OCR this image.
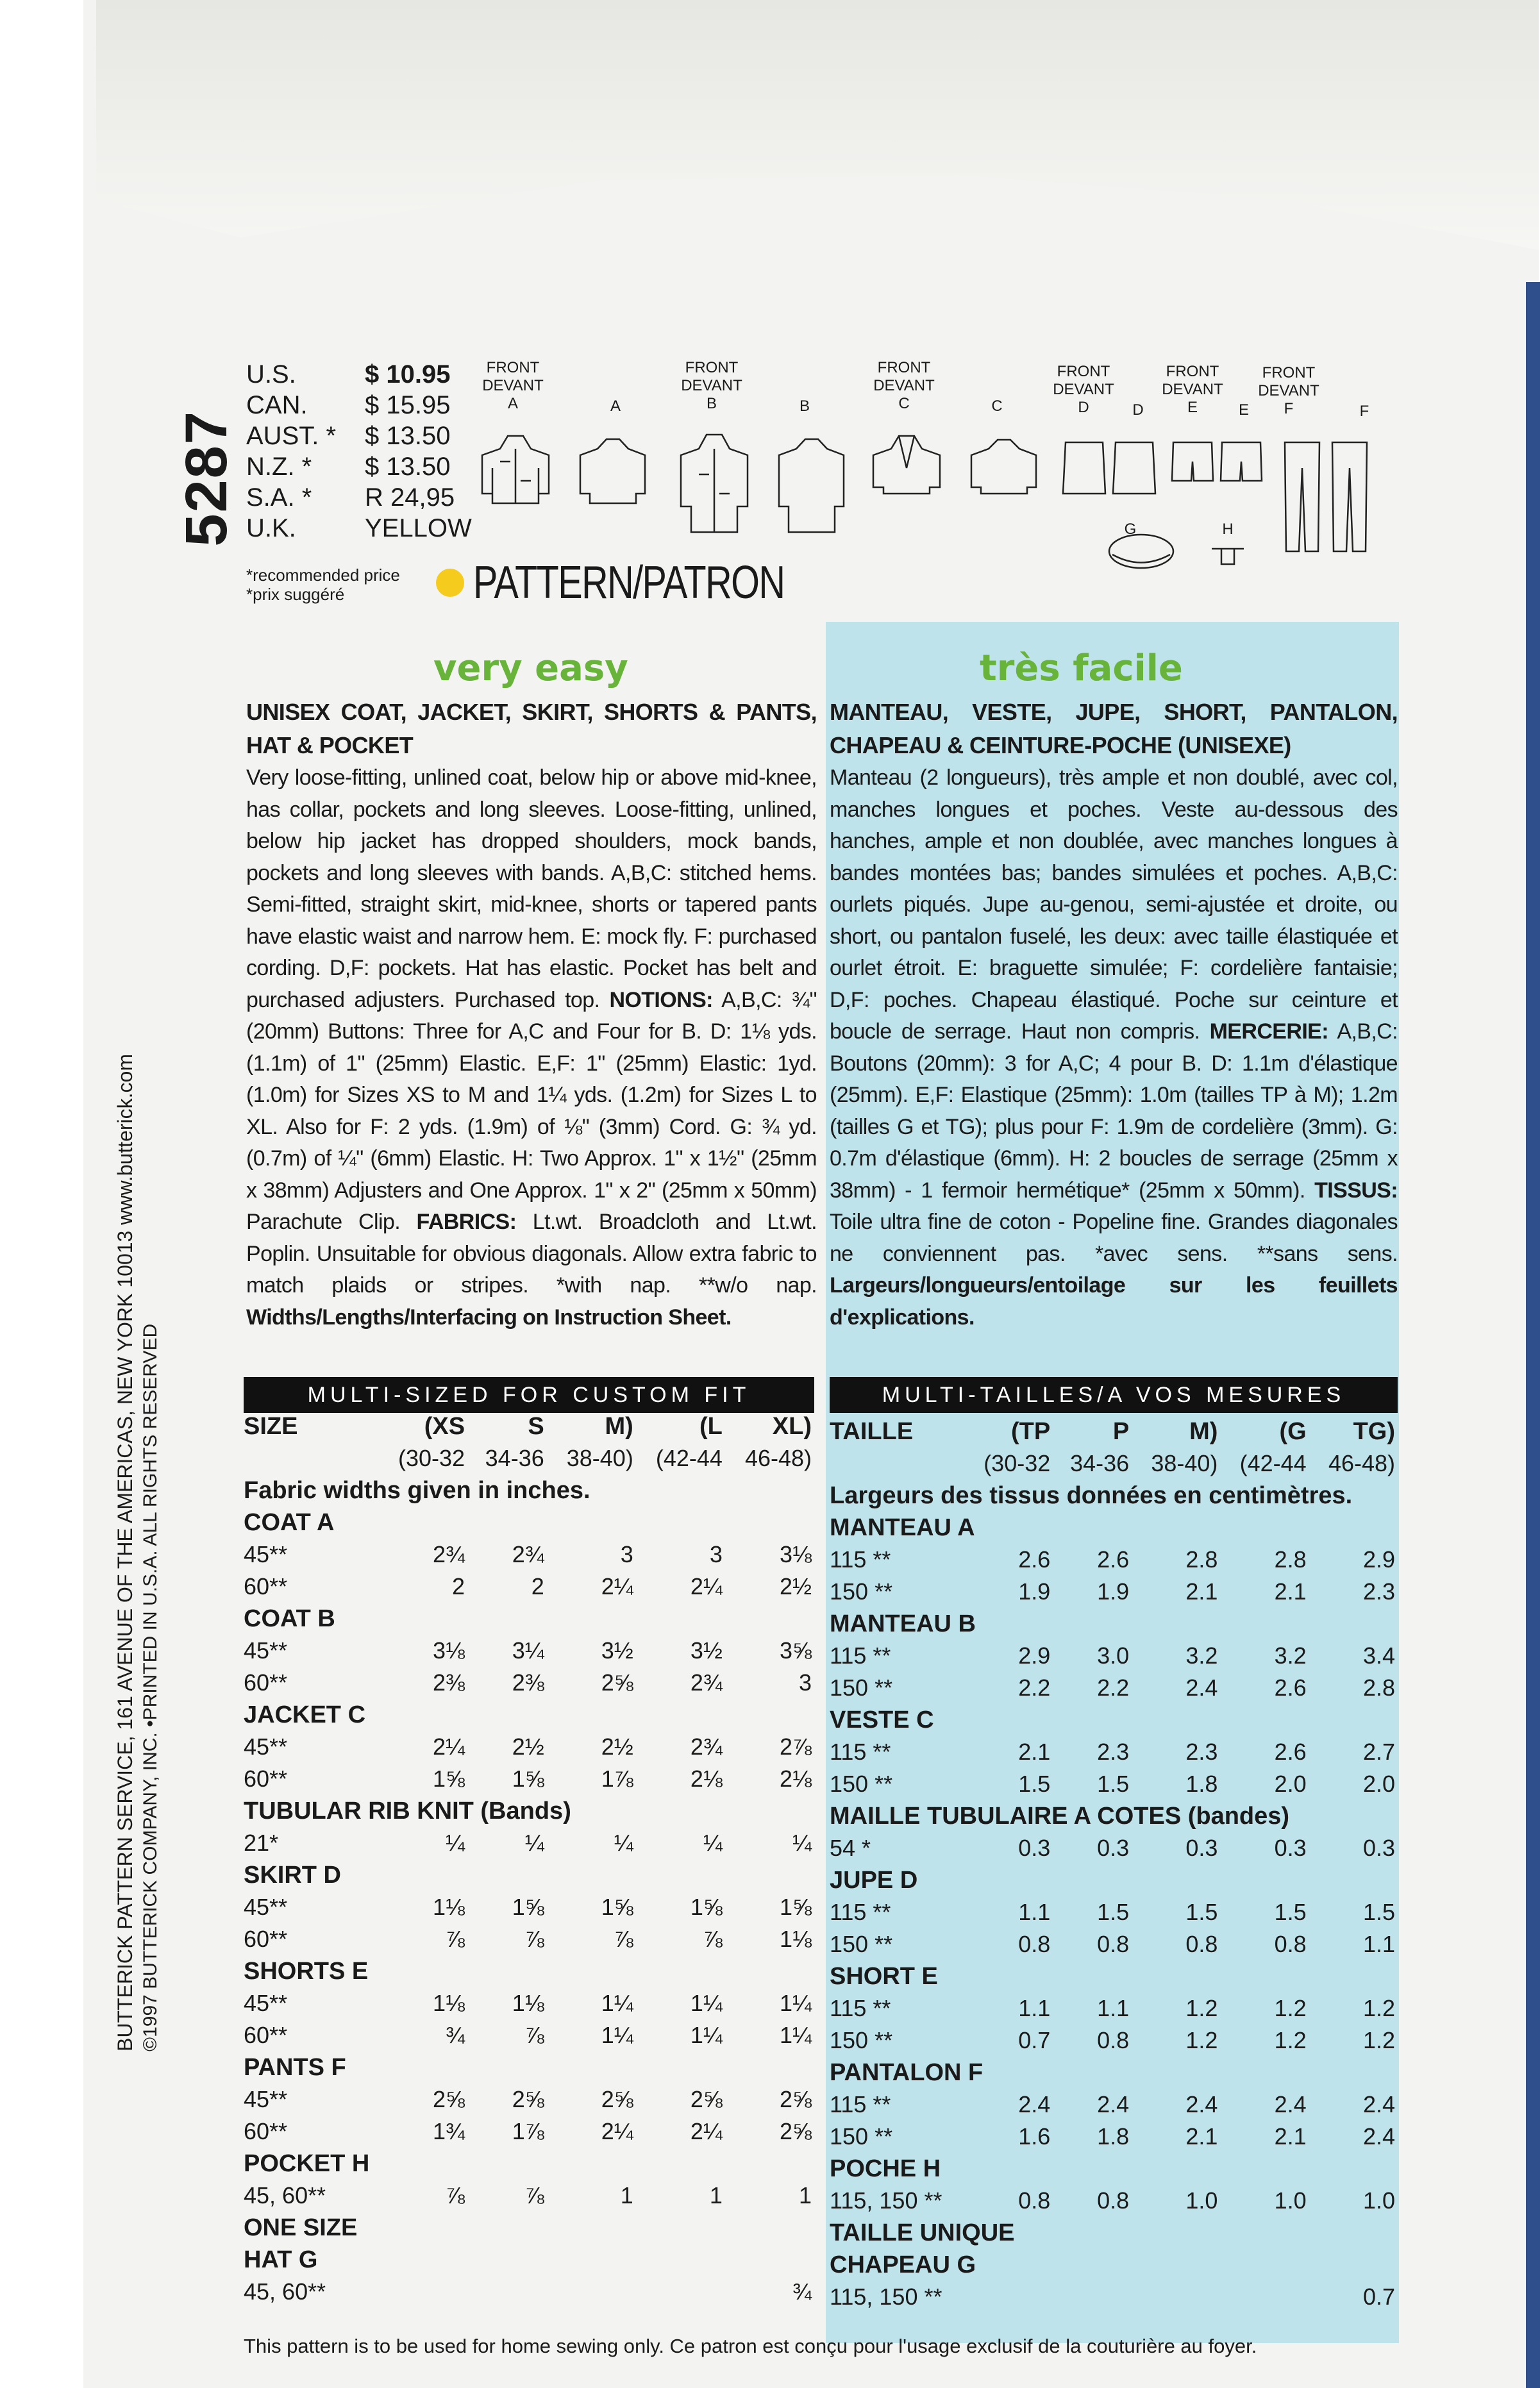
5287
BUTTERICK PATTERN SERVICE, 161 AVENUE OF THE AMERICAS, NEW YORK 10013 www.butterick.com ©1997 BUTTERICK COMPANY, INC. •PRINTED IN U.S.A. ALL RIGHTS RESERVED
U.S.	$ 10.95
CAN.	$ 15.95
AUST. *	$ 13.50
N.Z. *	$ 13.50
S.A. *	R 24,95
U.K.	YELLOW
*recommended price
*prix suggéré	PATTERN/PATRON
FRONT
DEVANT
A	A
FRONT
DEVANT
B	B
FRONT
DEVANT
C	C
FRONT
DEVANT
D	D
FRONT
DEVANT
E	E
FRONT
DEVANT
F	F
G	H
very easy	très facile
UNISEX COAT, JACKET, SKIRT, SHORTS & PANTS, HAT & POCKET
Very loose-fitting, unlined coat, below hip or above mid-knee, has collar, pockets and long sleeves. Loose-fitting, unlined, below hip jacket has dropped shoulders, mock bands, pockets and long sleeves with bands. A,B,C: stitched hems. Semi-fitted, straight skirt, mid-knee, shorts or tapered pants have elastic waist and narrow hem. E: mock fly. F: purchased cording. D,F: pockets. Hat has elastic. Pocket has belt and purchased adjusters. Purchased top. NOTIONS: A,B,C: ¾" (20mm) Buttons: Three for A,C and Four for B. D: 1⅛ yds. (1.1m) of 1" (25mm) Elastic. E,F: 1" (25mm) Elastic: 1yd. (1.0m) for Sizes XS to M and 1¼ yds. (1.2m) for Sizes L to XL. Also for F: 2 yds. (1.9m) of ⅛" (3mm) Cord. G: ¾ yd. (0.7m) of ¼" (6mm) Elastic. H: Two Approx. 1" x 1½" (25mm x 38mm) Adjusters and One Approx. 1" x 2" (25mm x 50mm) Parachute Clip. FABRICS: Lt.wt. Broadcloth and Lt.wt. Poplin. Unsuitable for obvious diagonals. Allow extra fabric to match plaids or stripes. *with nap. **w/o nap. Widths/Lengths/Interfacing on Instruction Sheet.
MANTEAU, VESTE, JUPE, SHORT, PANTALON, CHAPEAU & CEINTURE-POCHE (UNISEXE)
Manteau (2 longueurs), très ample et non doublé, avec col, manches longues et poches. Veste au-dessous des hanches, ample et non doublée, avec manches longues à bandes montées bas; bandes simulées et poches. A,B,C: ourlets piqués. Jupe au-genou, semi-ajustée et droite, ou short, ou pantalon fuselé, les deux: avec taille élastiquée et ourlet étroit. E: braguette simulée; F: cordelière fantaisie; D,F: poches. Chapeau élastiqué. Poche sur ceinture et boucle de serrage. Haut non compris. MERCERIE: A,B,C: Boutons (20mm): 3 for A,C; 4 pour B. D: 1.1m d'élastique (25mm). E,F: Elastique (25mm): 1.0m (tailles TP à M); 1.2m (tailles G et TG); plus pour F: 1.9m de cordelière (3mm). G: 0.7m d'élastique (6mm). H: 2 boucles de serrage (25mm x 38mm) - 1 fermoir hermétique* (25mm x 50mm). TISSUS: Toile ultra fine de coton - Popeline fine. Grandes diagonales ne conviennent pas. *avec sens. **sans sens. Largeurs/longueurs/entoilage sur les feuillets d'explications.
MULTI-SIZED FOR CUSTOM FIT	MULTI-TAILLES/A VOS MESURES
SIZE	(XS	S	M)	(L	XL)
	(30-32	34-36	38-40)	(42-44	46-48)
Fabric widths given in inches.					
COAT A					
45**	2¾	2¾	3	3	3⅛
60**	2	2	2¼	2¼	2½
COAT B					
45**	3⅛	3¼	3½	3½	3⅝
60**	2⅜	2⅜	2⅝	2¾	3
JACKET C					
45**	2¼	2½	2½	2¾	2⅞
60**	1⅝	1⅝	1⅞	2⅛	2⅛
TUBULAR RIB KNIT (Bands)					
21*	¼	¼	¼	¼	¼
SKIRT D					
45**	1⅛	1⅝	1⅝	1⅝	1⅝
60**	⅞	⅞	⅞	⅞	1⅛
SHORTS E					
45**	1⅛	1⅛	1¼	1¼	1¼
60**	¾	⅞	1¼	1¼	1¼
PANTS F					
45**	2⅝	2⅝	2⅝	2⅝	2⅝
60**	1¾	1⅞	2¼	2¼	2⅝
POCKET H					
45, 60**	⅞	⅞	1	1	1
ONE SIZE					
HAT G					
45, 60**					¾
TAILLE	(TP	P	M)	(G	TG)
	(30-32	34-36	38-40)	(42-44	46-48)
Largeurs des tissus données en centimètres.					
MANTEAU A					
115 **	2.6	2.6	2.8	2.8	2.9
150 **	1.9	1.9	2.1	2.1	2.3
MANTEAU B					
115 **	2.9	3.0	3.2	3.2	3.4
150 **	2.2	2.2	2.4	2.6	2.8
VESTE C					
115 **	2.1	2.3	2.3	2.6	2.7
150 **	1.5	1.5	1.8	2.0	2.0
MAILLE TUBULAIRE A COTES (bandes)					
54 *	0.3	0.3	0.3	0.3	0.3
JUPE D					
115 **	1.1	1.5	1.5	1.5	1.5
150 **	0.8	0.8	0.8	0.8	1.1
SHORT E					
115 **	1.1	1.1	1.2	1.2	1.2
150 **	0.7	0.8	1.2	1.2	1.2
PANTALON F					
115 **	2.4	2.4	2.4	2.4	2.4
150 **	1.6	1.8	2.1	2.1	2.4
POCHE H					
115, 150 **	0.8	0.8	1.0	1.0	1.0
TAILLE UNIQUE					
CHAPEAU G					
115, 150 **					0.7
This pattern is to be used for home sewing only. Ce patron est conçu pour l'usage exclusif de la couturière au foyer.
